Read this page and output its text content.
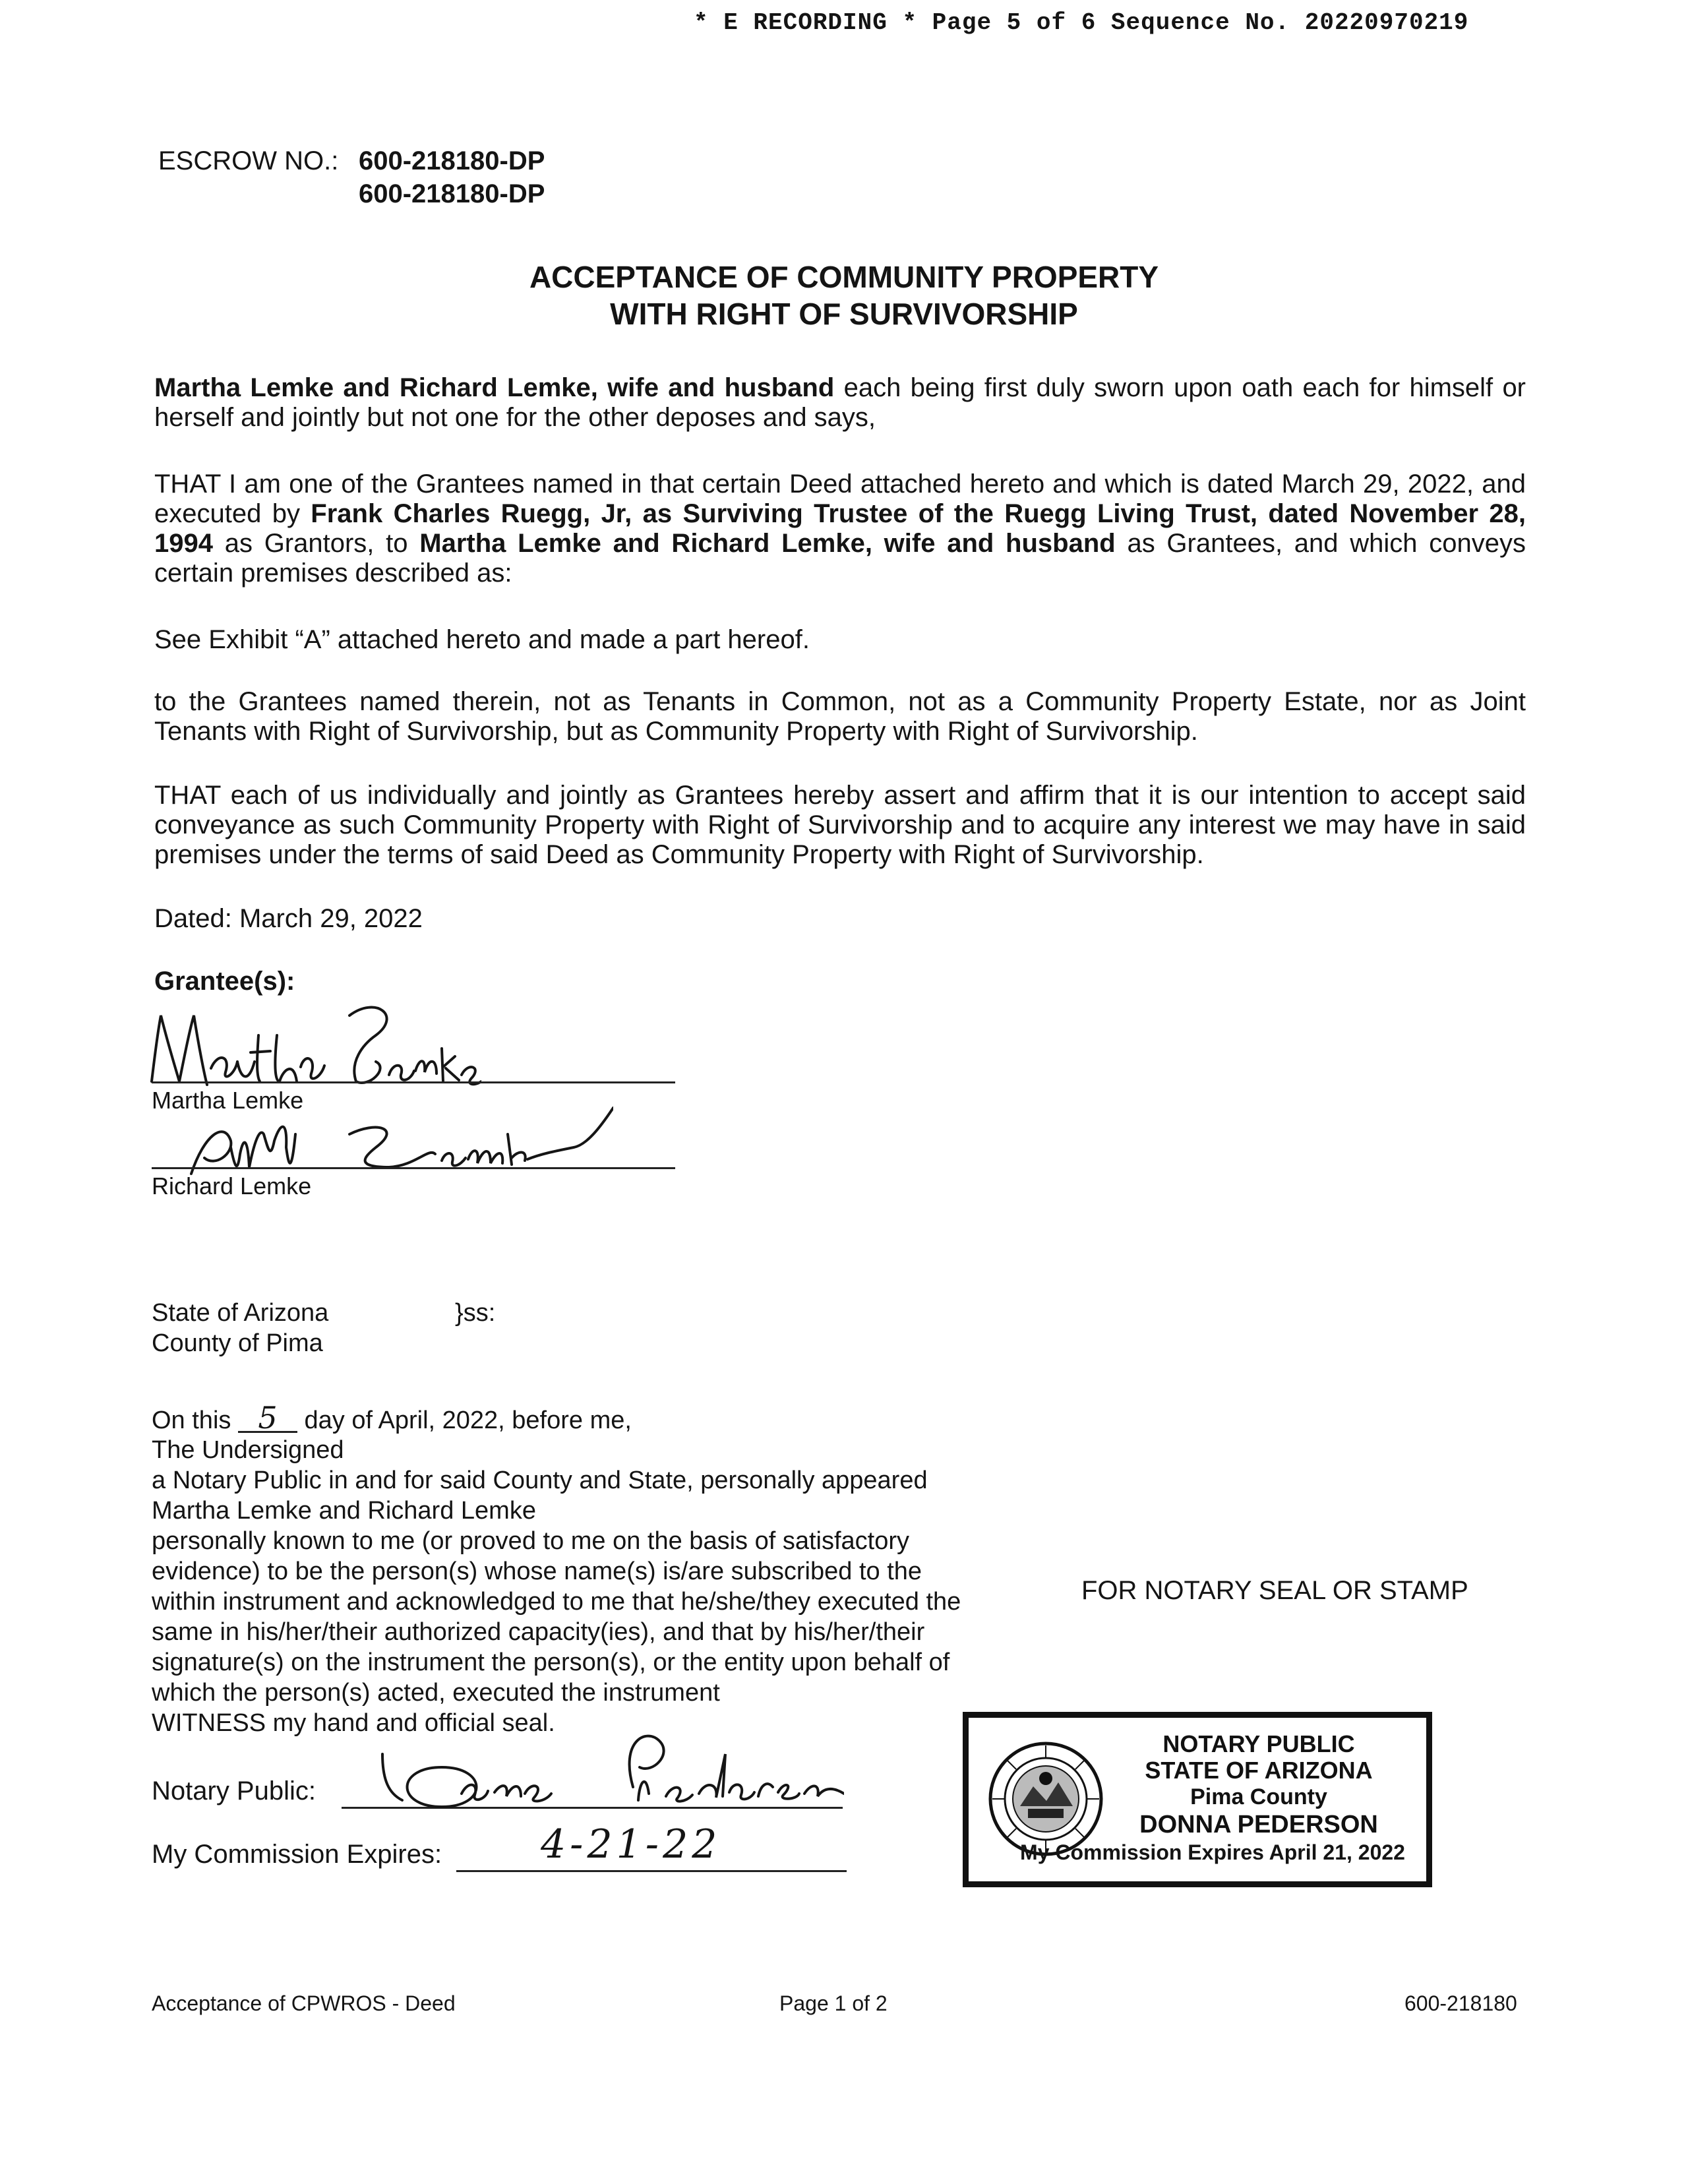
* E RECORDING * Page 5 of 6 Sequence No. 20220970219
ESCROW NO.: 600-218180-DP
600-218180-DP
ACCEPTANCE OF COMMUNITY PROPERTY
WITH RIGHT OF SURVIVORSHIP
Martha Lemke and Richard Lemke, wife and husband each being first duly sworn upon oath each for himself or herself and jointly but not one for the other deposes and says,
THAT I am one of the Grantees named in that certain Deed attached hereto and which is dated March 29, 2022, and executed by Frank Charles Ruegg, Jr, as Surviving Trustee of the Ruegg Living Trust, dated November 28, 1994 as Grantors, to Martha Lemke and Richard Lemke, wife and husband as Grantees, and which conveys certain premises described as:
See Exhibit “A” attached hereto and made a part hereof.
to the Grantees named therein, not as Tenants in Common, not as a Community Property Estate, nor as Joint Tenants with Right of Survivorship, but as Community Property with Right of Survivorship.
THAT each of us individually and jointly as Grantees hereby assert and affirm that it is our intention to accept said conveyance as such Community Property with Right of Survivorship and to acquire any interest we may have in said premises under the terms of said Deed as Community Property with Right of Survivorship.
Dated: March 29, 2022
Grantee(s):
Martha Lemke
Richard Lemke
State of Arizona	}ss:
County of Pima
On this 5 day of April, 2022, before me,

The Undersigned

a Notary Public in and for said County and State, personally appeared

Martha Lemke and Richard Lemke

personally known to me (or proved to me on the basis of satisfactory

evidence) to be the person(s) whose name(s) is/are subscribed to the

within instrument and acknowledged to me that he/she/they executed the

same in his/her/their authorized capacity(ies), and that by his/her/their

signature(s) on the instrument the person(s), or the entity upon behalf of

which the person(s) acted, executed the instrument

WITNESS my hand and official seal.

FOR NOTARY SEAL OR STAMP
Notary Public:
My Commission Expires: 4-21-22
NOTARY PUBLIC
STATE OF ARIZONA
Pima County
DONNA PEDERSON
My Commission Expires April 21, 2022
Acceptance of CPWROS - Deed	Page 1 of 2	600-218180
